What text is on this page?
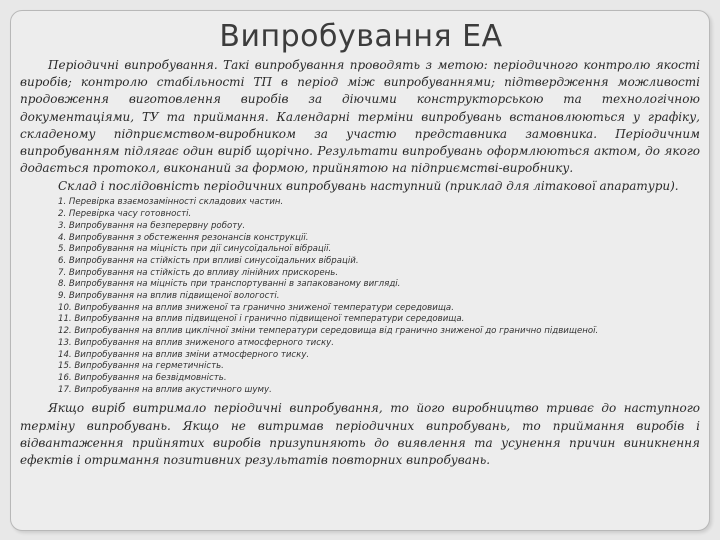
Випробування ЕА

Періодичні випробування. Такі випробування проводять з метою: періодичного контролю якості виробів; контролю стабільності ТП в період між випробуваннями; підтвердження можливості продовження виготовлення виробів за діючими конструкторською та технологічною документаціями, ТУ та приймання. Календарні терміни випробувань встановлюються у графіку, складеному підприємством-виробником за участю представника замовника. Періодичним випробуванням підлягає один виріб щорічно. Результати випробувань оформлюються актом, до якого додається протокол, виконаний за формою, прийнятою на підприємстві-виробнику.

Склад і послідовність періодичних випробувань наступний (приклад для літакової апаратури).

1. Перевірка взаємозамінності складових частин.
2. Перевірка часу готовності.
3. Випробування на безперервну роботу.
4. Випробування з обстеження резонансів конструкції.
5. Випробування на міцність при дії синусоїдальної вібрації.
6. Випробування на стійкість при впливі синусоїдальних вібрацій.
7. Випробування на стійкість до впливу лінійних прискорень.
8. Випробування на міцність при транспортуванні в запакованому вигляді.
9. Випробування на вплив підвищеної вологості.
10. Випробування на вплив зниженої та гранично зниженої температури середовища.
11. Випробування на вплив підвищеної і гранично підвищеної температури середовища.
12. Випробування на вплив циклічної зміни температури середовища від гранично зниженої до гранично підвищеної.
13. Випробування на вплив зниженого атмосферного тиску.
14. Випробування на вплив зміни атмосферного тиску.
15. Випробування на герметичність.
16. Випробування на безвідмовність.
17. Випробування на вплив акустичного шуму.

Якщо виріб витримало періодичні випробування, то його виробництво триває до наступного терміну випробувань. Якщо не витримав періодичних випробувань, то приймання виробів і відвантаження прийнятих виробів призупиняють до виявлення та усунення причин виникнення ефектів і отримання позитивних результатів повторних випробувань.
